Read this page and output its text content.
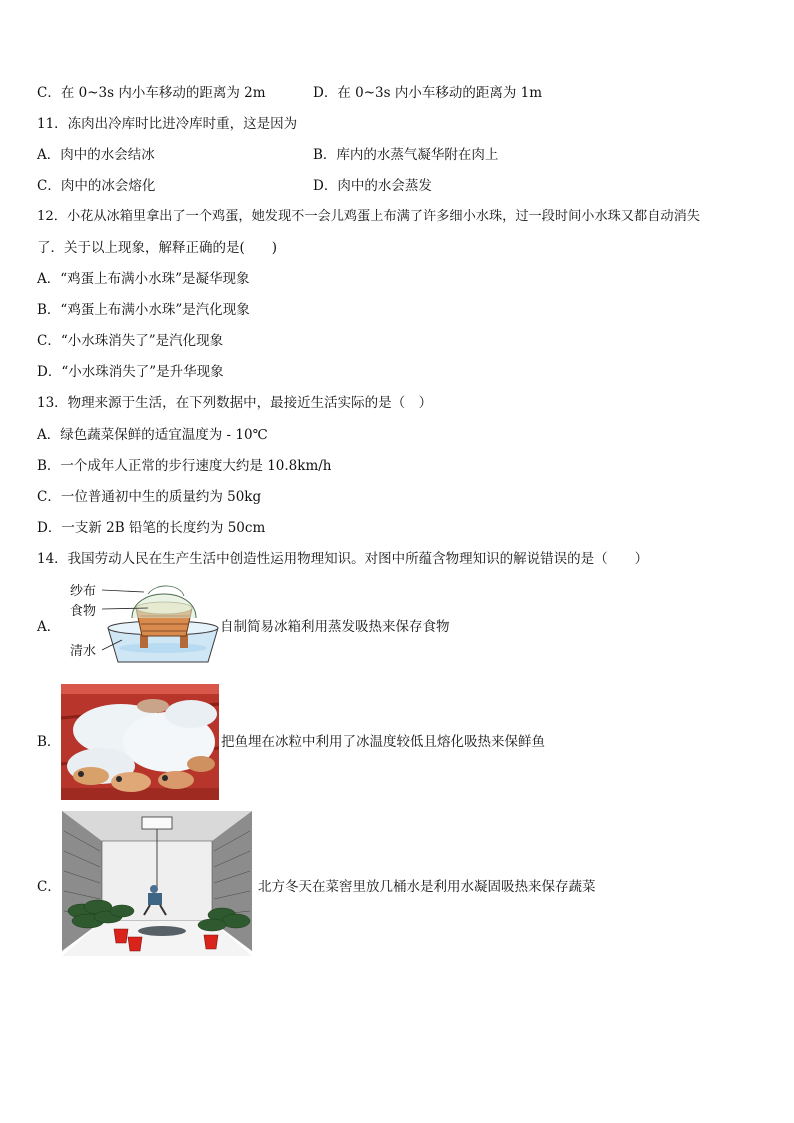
C．在 0~3s 内小车移动的距离为 2m	D．在 0~3s 内小车移动的距离为 1m
11．冻肉出冷库时比进冷库时重，这是因为
A．肉中的水会结冰	B．库内的水蒸气凝华附在肉上
C．肉中的冰会熔化	D．肉中的水会蒸发
12．小花从冰箱里拿出了一个鸡蛋，她发现不一会儿鸡蛋上布满了许多细小水珠，过一段时间小水珠又都自动消失
了．关于以上现象，解释正确的是(　　)
A．“鸡蛋上布满小水珠”是凝华现象
B．“鸡蛋上布满小水珠”是汽化现象
C．“小水珠消失了”是汽化现象
D．“小水珠消失了”是升华现象
13．物理来源于生活，在下列数据中，最接近生活实际的是（　）
A．绿色蔬菜保鲜的适宜温度为 - 10℃
B．一个成年人正常的步行速度大约是 10.8km/h
C．一位普通初中生的质量约为 50kg
D．一支新 2B 铅笔的长度约为 50cm
14．我国劳动人民在生产生活中创造性运用物理知识。对图中所蕴含物理知识的解说错误的是（　　）
A．
纱布
食物
清水
自制简易冰箱利用蒸发吸热来保存食物
B．	把鱼埋在冰粒中利用了冰温度较低且熔化吸热来保鲜鱼
C．	北方冬天在菜窖里放几桶水是利用水凝固吸热来保存蔬菜
